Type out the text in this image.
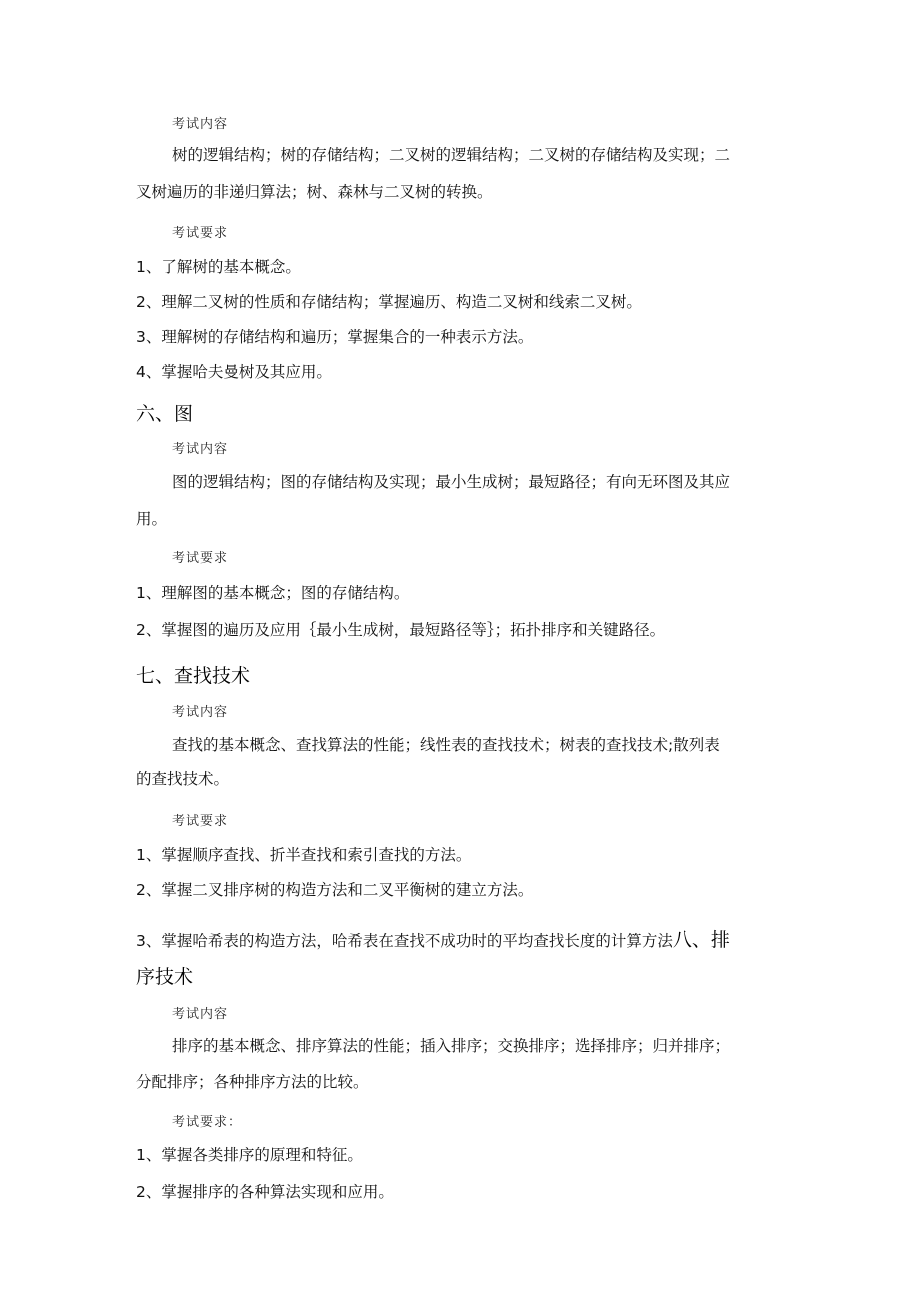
考试内容
树的逻辑结构；树的存储结构；二叉树的逻辑结构；二叉树的存储结构及实现；二
叉树遍历的非递归算法；树、森林与二叉树的转换。
考试要求
1、了解树的基本概念。
2、理解二叉树的性质和存储结构；掌握遍历、构造二叉树和线索二叉树。
3、理解树的存储结构和遍历；掌握集合的一种表示方法。
4、掌握哈夫曼树及其应用。
六、图
考试内容
图的逻辑结构；图的存储结构及实现；最小生成树；最短路径；有向无环图及其应
用。
考试要求
1、理解图的基本概念；图的存储结构。
2、掌握图的遍历及应用｛最小生成树，最短路径等｝；拓扑排序和关键路径。
七、查找技术
考试内容
查找的基本概念、查找算法的性能；线性表的查找技术；树表的查找技术;散列表
的查找技术。
考试要求
1、掌握顺序查找、折半查找和索引查找的方法。
2、掌握二叉排序树的构造方法和二叉平衡树的建立方法。
3、掌握哈希表的构造方法，哈希表在查找不成功时的平均查找长度的计算方法八、排
序技术
考试内容
排序的基本概念、排序算法的性能；插入排序；交换排序；选择排序；归并排序；
分配排序；各种排序方法的比较。
考试要求：
1、掌握各类排序的原理和特征。
2、掌握排序的各种算法实现和应用。
